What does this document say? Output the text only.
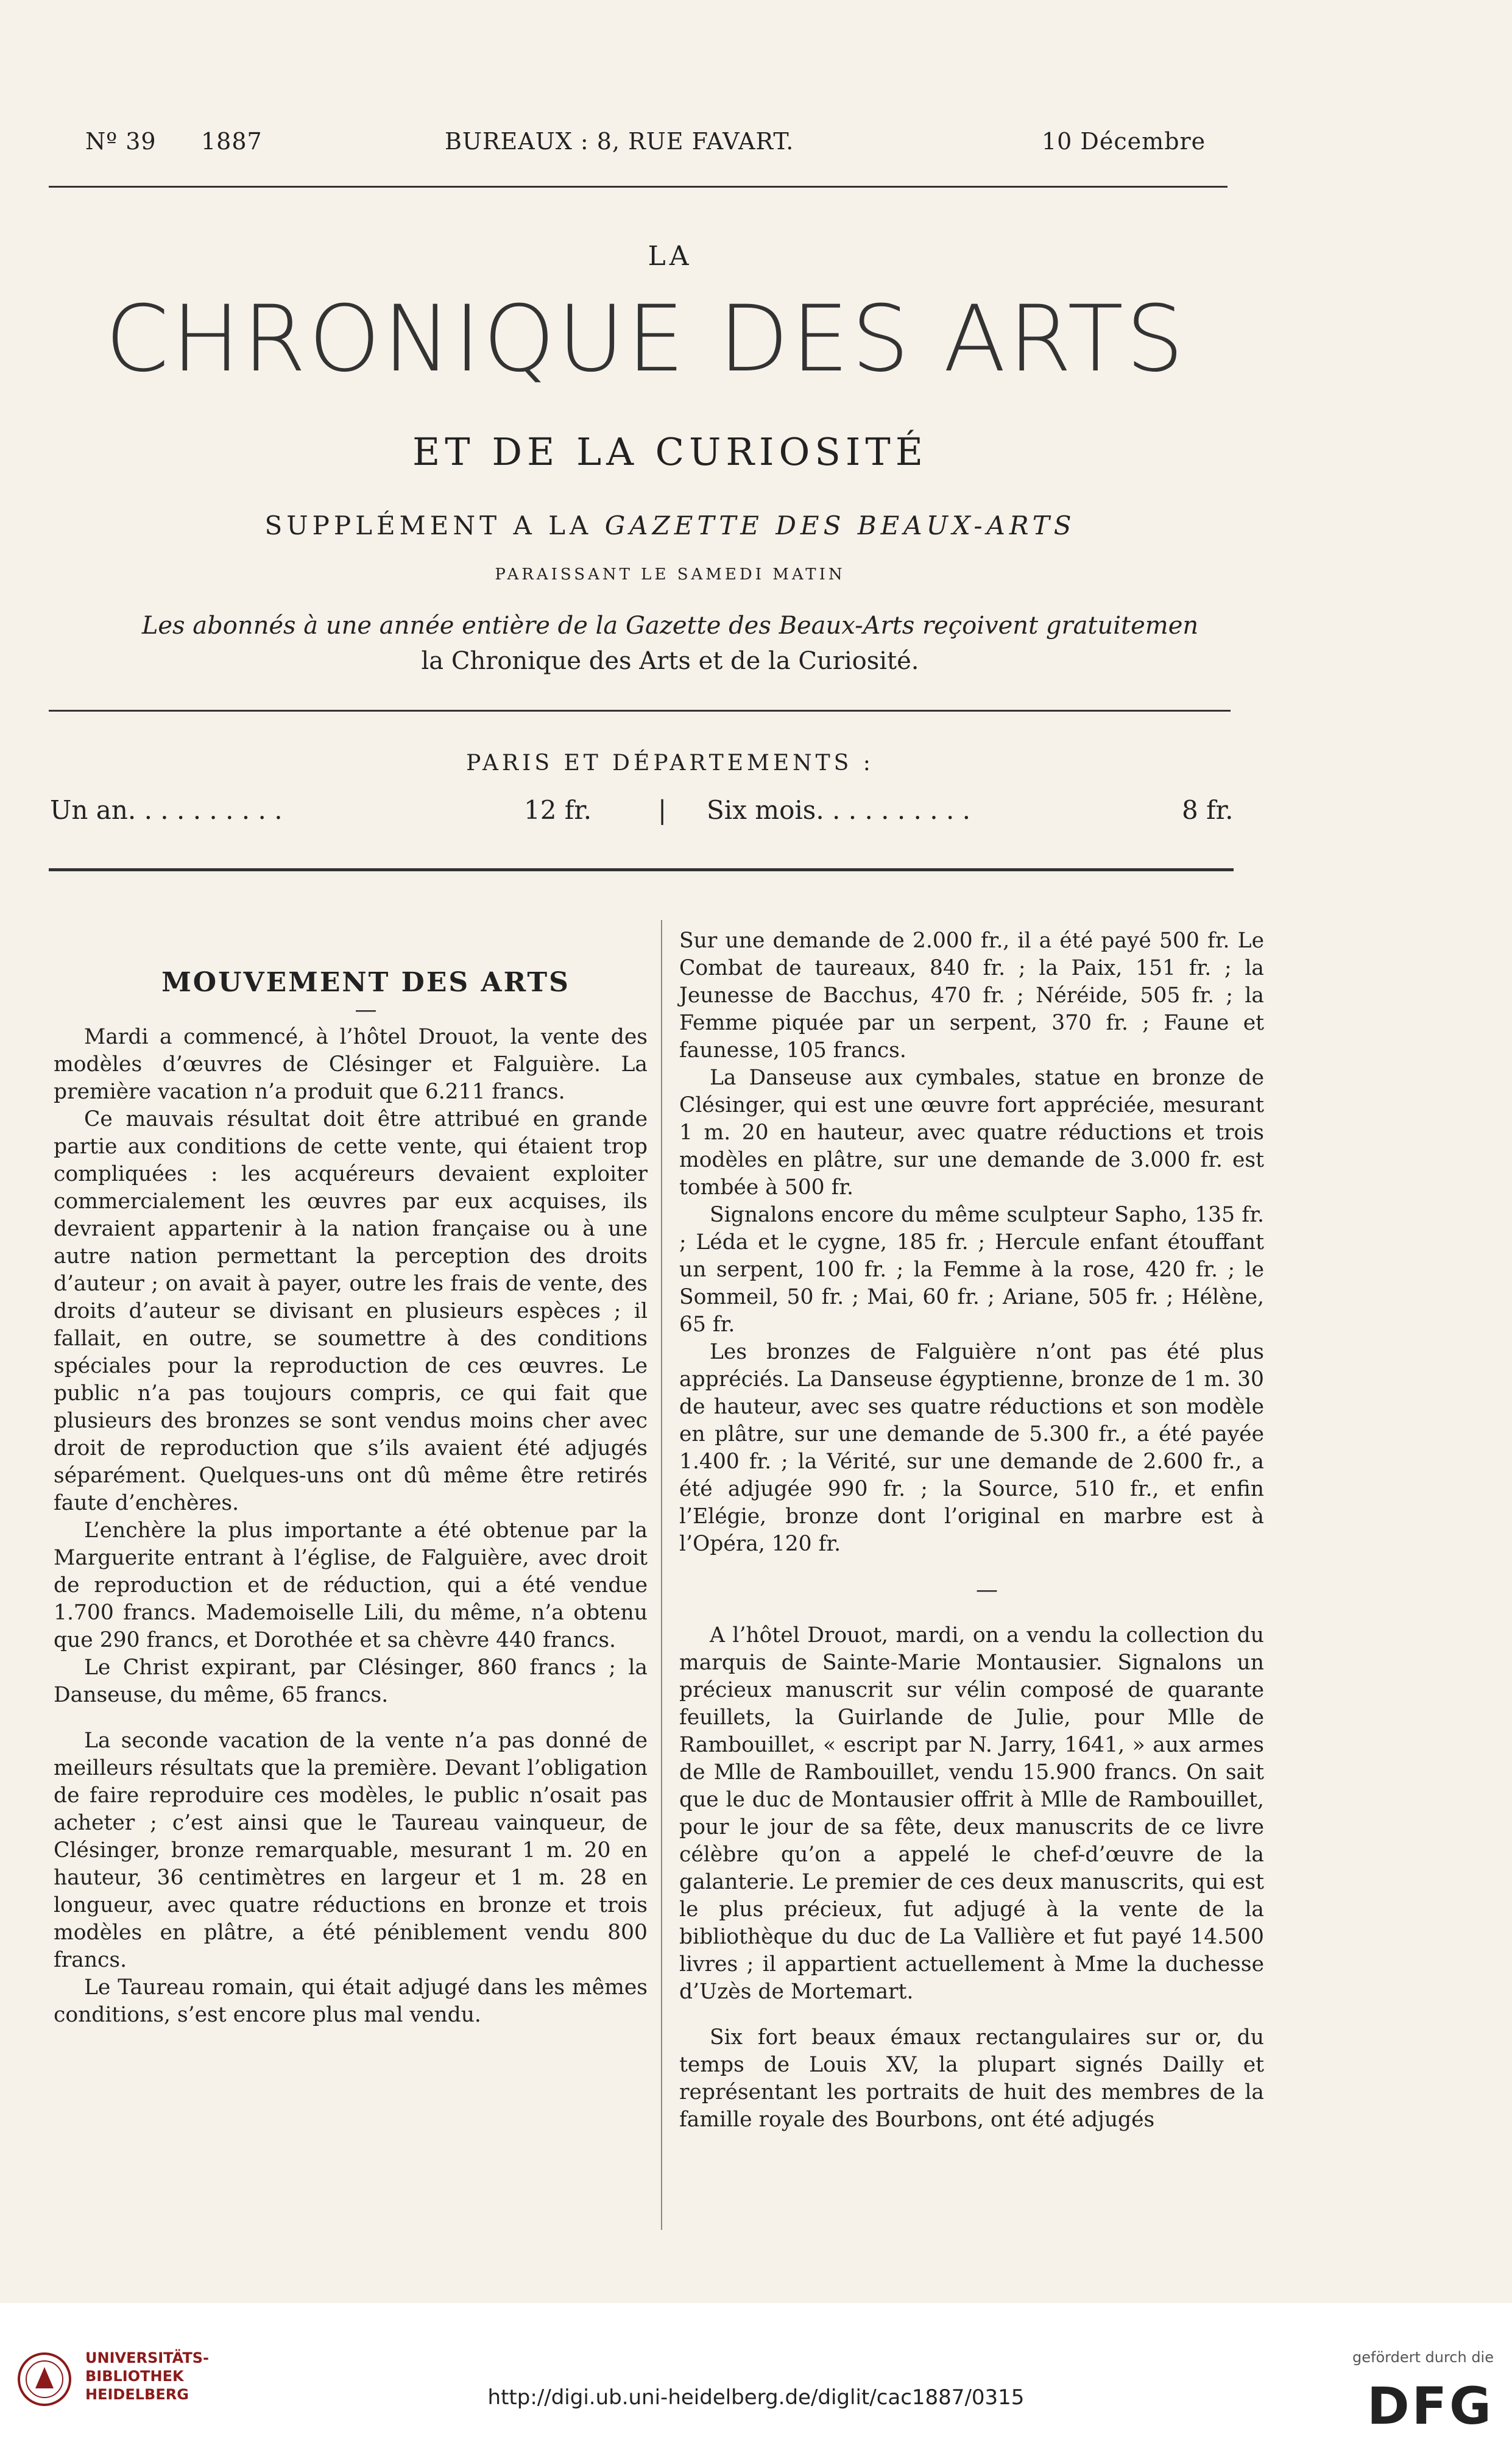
Nº 39 1887	BUREAUX : 8, RUE FAVART.	10 Décembre
LA
CHRONIQUE DES ARTS
ET DE LA CURIOSITÉ
SUPPLÉMENT A LA GAZETTE DES BEAUX-ARTS
PARAISSANT LE SAMEDI MATIN
Les abonnés à une année entière de la Gazette des Beaux-Arts reçoivent gratuitemen
la Chronique des Arts et de la Curiosité.
PARIS ET DÉPARTEMENTS :
Un an. . . . . . . . . .	12 fr.	| Six mois. . . . . . . . . .	8 fr.

MOUVEMENT DES ARTS

—

Mardi a commencé, à l’hôtel Drouot, la vente des modèles d’œuvres de Clésinger et Falguière. La première vacation n’a produit que 6.211 francs.

Ce mauvais résultat doit être attribué en grande partie aux conditions de cette vente, qui étaient trop compliquées : les acquéreurs devaient exploiter commercialement les œuvres par eux acquises, ils devraient appartenir à la nation française ou à une autre nation permettant la perception des droits d’auteur ; on avait à payer, outre les frais de vente, des droits d’auteur se divisant en plusieurs espèces ; il fallait, en outre, se soumettre à des conditions spéciales pour la reproduction de ces œuvres. Le public n’a pas toujours compris, ce qui fait que plusieurs des bronzes se sont vendus moins cher avec droit de reproduction que s’ils avaient été adjugés séparément. Quelques-uns ont dû même être retirés faute d’enchères.

L’enchère la plus importante a été obtenue par la Marguerite entrant à l’église, de Falguière, avec droit de reproduction et de réduction, qui a été vendue 1.700 francs. Mademoiselle Lili, du même, n’a obtenu que 290 francs, et Dorothée et sa chèvre 440 francs.

Le Christ expirant, par Clésinger, 860 francs ; la Danseuse, du même, 65 francs.

La seconde vacation de la vente n’a pas donné de meilleurs résultats que la première. Devant l’obligation de faire reproduire ces modèles, le public n’osait pas acheter ; c’est ainsi que le Taureau vainqueur, de Clésinger, bronze remarquable, mesurant 1 m. 20 en hauteur, 36 centimètres en largeur et 1 m. 28 en longueur, avec quatre réductions en bronze et trois modèles en plâtre, a été péniblement vendu 800 francs.

Le Taureau romain, qui était adjugé dans les mêmes conditions, s’est encore plus mal vendu.

Sur une demande de 2.000 fr., il a été payé 500 fr. Le Combat de taureaux, 840 fr. ; la Paix, 151 fr. ; la Jeunesse de Bacchus, 470 fr. ; Néréide, 505 fr. ; la Femme piquée par un serpent, 370 fr. ; Faune et faunesse, 105 francs.

La Danseuse aux cymbales, statue en bronze de Clésinger, qui est une œuvre fort appréciée, mesurant 1 m. 20 en hauteur, avec quatre réductions et trois modèles en plâtre, sur une demande de 3.000 fr. est tombée à 500 fr.

Signalons encore du même sculpteur Sapho, 135 fr. ; Léda et le cygne, 185 fr. ; Hercule enfant étouffant un serpent, 100 fr. ; la Femme à la rose, 420 fr. ; le Sommeil, 50 fr. ; Mai, 60 fr. ; Ariane, 505 fr. ; Hélène, 65 fr.

Les bronzes de Falguière n’ont pas été plus appréciés. La Danseuse égyptienne, bronze de 1 m. 30 de hauteur, avec ses quatre réductions et son modèle en plâtre, sur une demande de 5.300 fr., a été payée 1.400 fr. ; la Vérité, sur une demande de 2.600 fr., a été adjugée 990 fr. ; la Source, 510 fr., et enfin l’Elégie, bronze dont l’original en marbre est à l’Opéra, 120 fr.

—

A l’hôtel Drouot, mardi, on a vendu la collection du marquis de Sainte-Marie Montausier. Signalons un précieux manuscrit sur vélin composé de quarante feuillets, la Guirlande de Julie, pour Mlle de Rambouillet, « escript par N. Jarry, 1641, » aux armes de Mlle de Rambouillet, vendu 15.900 francs. On sait que le duc de Montausier offrit à Mlle de Rambouillet, pour le jour de sa fête, deux manuscrits de ce livre célèbre qu’on a appelé le chef-d’œuvre de la galanterie. Le premier de ces deux manuscrits, qui est le plus précieux, fut adjugé à la vente de la bibliothèque du duc de La Vallière et fut payé 14.500 livres ; il appartient actuellement à Mme la duchesse d’Uzès de Mortemart.

Six fort beaux émaux rectangulaires sur or, du temps de Louis XV, la plupart signés Dailly et représentant les portraits de huit des membres de la famille royale des Bourbons, ont été adjugés

UNIVERSITÄTS-
BIBLIOTHEK
HEIDELBERG	http://digi.ub.uni-heidelberg.de/diglit/cac1887/0315
gefördert durch die
DFG
